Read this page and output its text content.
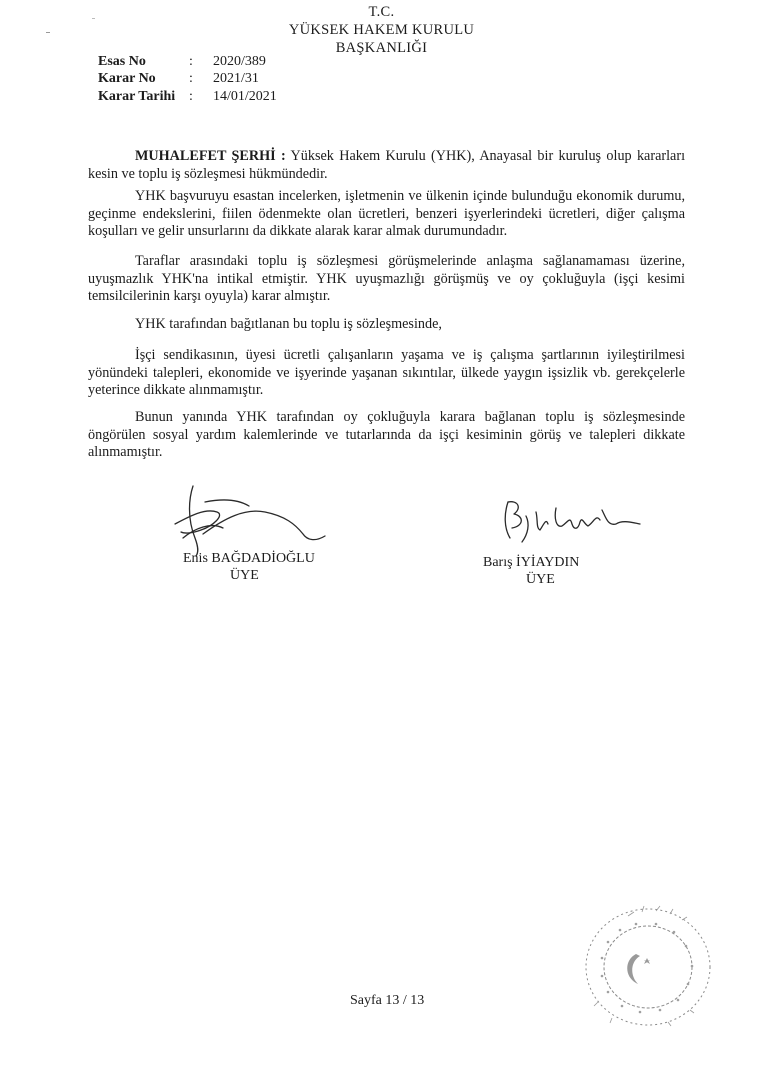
T.C.
YÜKSEK HAKEM KURULU
BAŞKANLIĞI
Esas No	: 2020/389
Karar No : 2021/31
Karar Tarihi : 14/01/2021

MUHALEFET ŞERHİ : Yüksek Hakem Kurulu (YHK), Anayasal bir kuruluş olup kararları kesin ve toplu iş sözleşmesi hükmündedir.

YHK başvuruyu esastan incelerken, işletmenin ve ülkenin içinde bulunduğu ekonomik durumu, geçinme endekslerini, fiilen ödenmekte olan ücretleri, benzeri işyerlerindeki ücretleri, diğer çalışma koşulları ve gelir unsurlarını da dikkate alarak karar almak durumundadır.

Taraflar arasındaki toplu iş sözleşmesi görüşmelerinde anlaşma sağlanamaması üzerine, uyuşmazlık YHK'na intikal etmiştir. YHK uyuşmazlığı görüşmüş ve oy çokluğuyla (işçi kesimi temsilcilerinin karşı oyuyla) karar almıştır.

YHK tarafından bağıtlanan bu toplu iş sözleşmesinde,

İşçi sendikasının, üyesi ücretli çalışanların yaşama ve iş çalışma şartlarının iyileştirilmesi yönündeki talepleri, ekonomide ve işyerinde yaşanan sıkıntılar, ülkede yaygın işsizlik vb. gerekçelerle yeterince dikkate alınmamıştır.

Bunun yanında YHK tarafından oy çokluğuyla karara bağlanan toplu iş sözleşmesinde öngörülen sosyal yardım kalemlerinde ve tutarlarında da işçi kesiminin görüş ve talepleri dikkate alınmamıştır.

Enis BAĞDADİOĞLU
ÜYE
Barış İYİAYDIN
ÜYE
Sayfa 13 / 13
